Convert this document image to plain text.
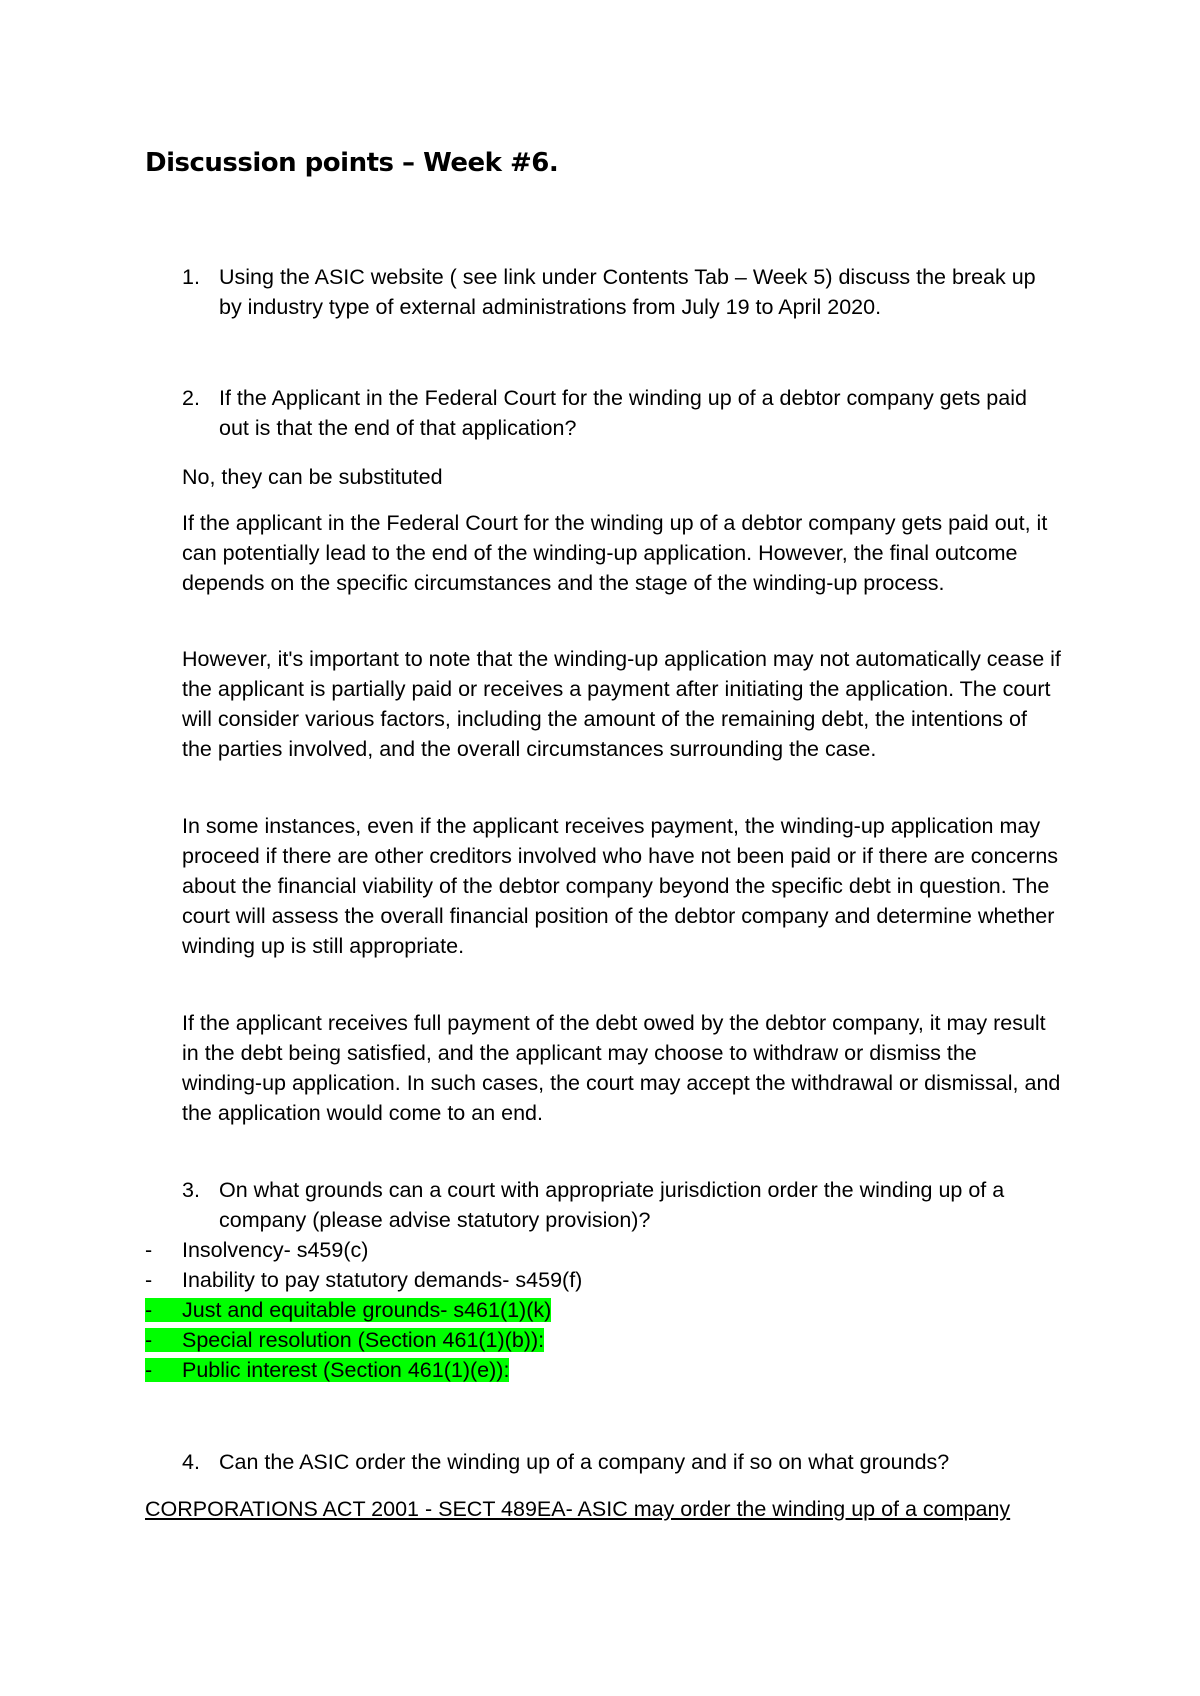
Discussion points – Week #6.
1. Using the ASIC website ( see link under Contents Tab – Week 5) discuss the break up by industry type of external administrations from July 19 to April 2020.
2. If the Applicant in the Federal Court for the winding up of a debtor company gets paid out is that the end of that application?

No, they can be substituted

If the applicant in the Federal Court for the winding up of a debtor company gets paid out, it can potentially lead to the end of the winding-up application. However, the final outcome depends on the specific circumstances and the stage of the winding-up process.

However, it's important to note that the winding-up application may not automatically cease if the applicant is partially paid or receives a payment after initiating the application. The court will consider various factors, including the amount of the remaining debt, the intentions of the parties involved, and the overall circumstances surrounding the case.

In some instances, even if the applicant receives payment, the winding-up application may proceed if there are other creditors involved who have not been paid or if there are concerns about the financial viability of the debtor company beyond the specific debt in question. The court will assess the overall financial position of the debtor company and determine whether winding up is still appropriate.

If the applicant receives full payment of the debt owed by the debtor company, it may result in the debt being satisfied, and the applicant may choose to withdraw or dismiss the winding-up application. In such cases, the court may accept the withdrawal or dismissal, and the application would come to an end.

3. On what grounds can a court with appropriate jurisdiction order the winding up of a company (please advise statutory provision)?
- Insolvency- s459(c)
- Inability to pay statutory demands- s459(f)
- Just and equitable grounds- s461(1)(k)
- Special resolution (Section 461(1)(b)):
- Public interest (Section 461(1)(e)):
4. Can the ASIC order the winding up of a company and if so on what grounds?

CORPORATIONS ACT 2001 - SECT 489EA- ASIC may order the winding up of a company
